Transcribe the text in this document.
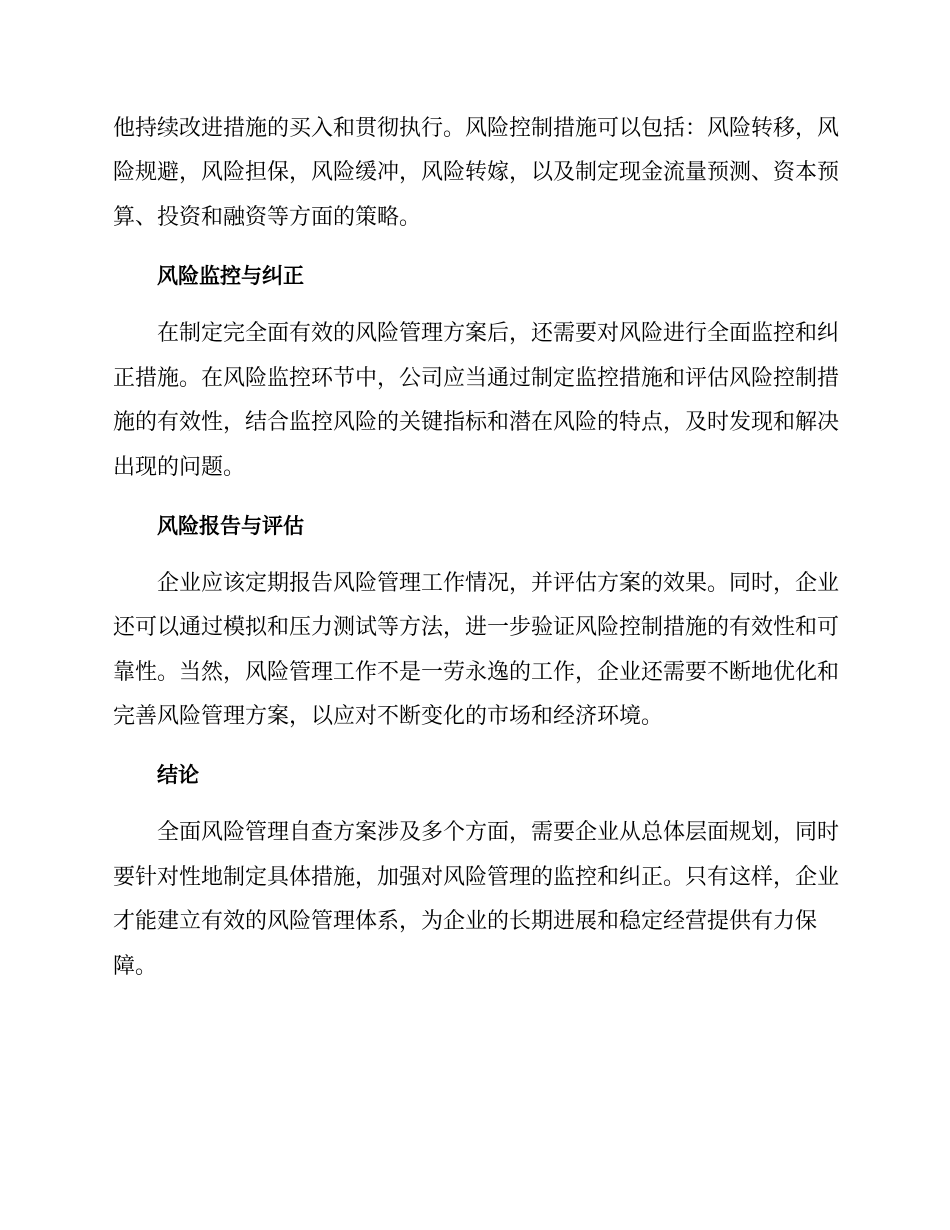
他持续改进措施的买入和贯彻执行。风险控制措施可以包括：风险转移，风
险规避，风险担保，风险缓冲，风险转嫁，以及制定现金流量预测、资本预
算、投资和融资等方面的策略。
风险监控与纠正
在制定完全面有效的风险管理方案后，还需要对风险进行全面监控和纠
正措施。在风险监控环节中，公司应当通过制定监控措施和评估风险控制措
施的有效性，结合监控风险的关键指标和潜在风险的特点，及时发现和解决
出现的问题。
风险报告与评估
企业应该定期报告风险管理工作情况，并评估方案的效果。同时，企业
还可以通过模拟和压力测试等方法，进一步验证风险控制措施的有效性和可
靠性。当然，风险管理工作不是一劳永逸的工作，企业还需要不断地优化和
完善风险管理方案，以应对不断变化的市场和经济环境。
结论
全面风险管理自查方案涉及多个方面，需要企业从总体层面规划，同时
要针对性地制定具体措施，加强对风险管理的监控和纠正。只有这样，企业
才能建立有效的风险管理体系，为企业的长期进展和稳定经营提供有力保
障。
